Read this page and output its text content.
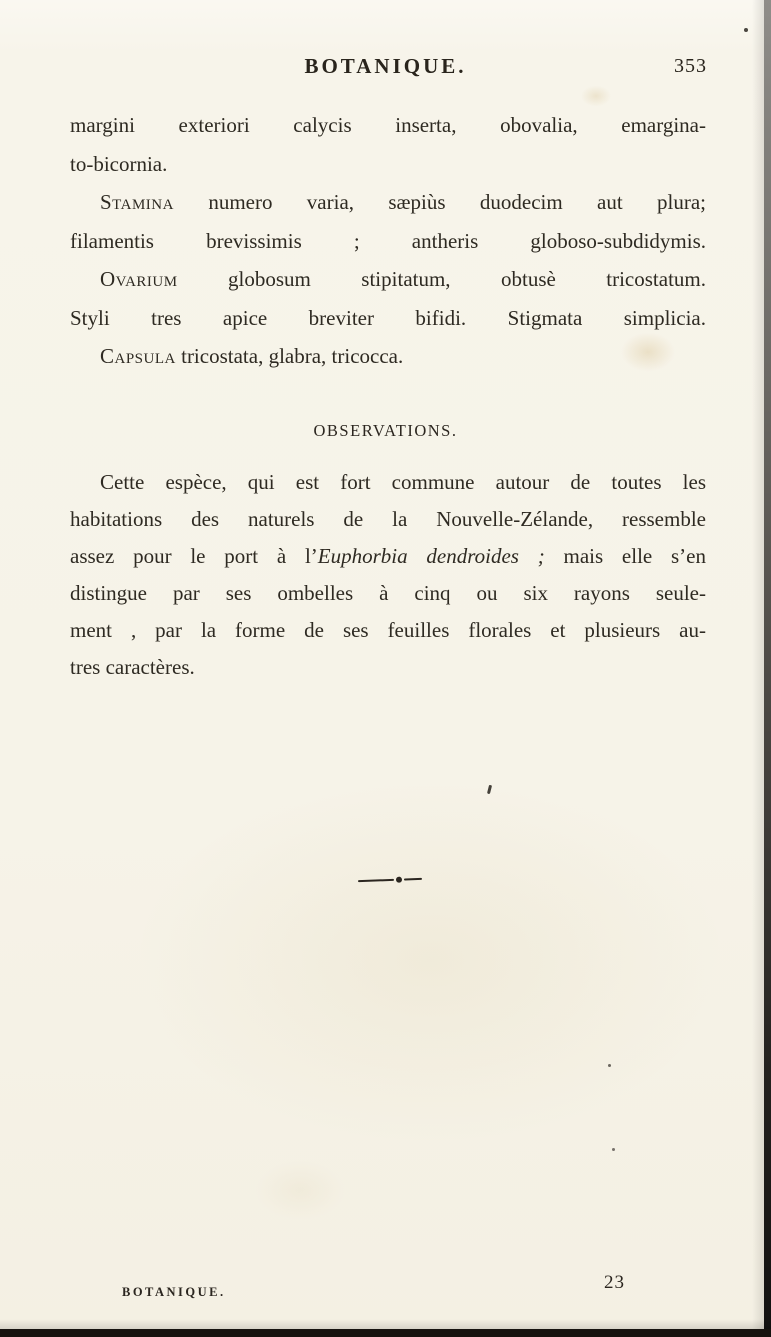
BOTANIQUE.	353
margini exteriori calycis inserta, obovalia, emargina-
to-bicornia.
Stamina numero varia, sæpiùs duodecim aut plura;
filamentis brevissimis ; antheris globoso-subdidymis.
Ovarium globosum stipitatum, obtusè tricostatum.
Styli tres apice breviter bifidi. Stigmata simplicia.
Capsula tricostata, glabra, tricocca.
OBSERVATIONS.
Cette espèce, qui est fort commune autour de toutes les
habitations des naturels de la Nouvelle-Zélande, ressemble
assez pour le port à l’Euphorbia dendroides ; mais elle s’en
distingue par ses ombelles à cinq ou six rayons seule-
ment , par la forme de ses feuilles florales et plusieurs au-
tres caractères.
BOTANIQUE.	23
